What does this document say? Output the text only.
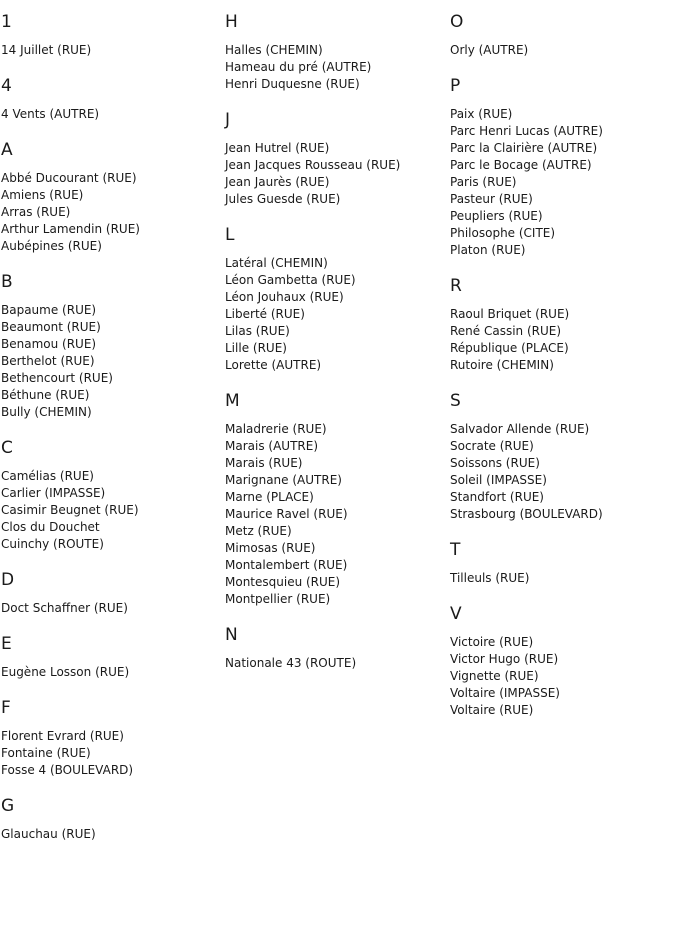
1
14 Juillet (RUE)
4
4 Vents (AUTRE)
A
Abbé Ducourant (RUE)
Amiens (RUE)
Arras (RUE)
Arthur Lamendin (RUE)
Aubépines (RUE)
B
Bapaume (RUE)
Beaumont (RUE)
Benamou (RUE)
Berthelot (RUE)
Bethencourt (RUE)
Béthune (RUE)
Bully (CHEMIN)
C
Camélias (RUE)
Carlier (IMPASSE)
Casimir Beugnet (RUE)
Clos du Douchet
Cuinchy (ROUTE)
D
Doct Schaffner (RUE)
E
Eugène Losson (RUE)
F
Florent Evrard (RUE)
Fontaine (RUE)
Fosse 4 (BOULEVARD)
G
Glauchau (RUE)
H
Halles (CHEMIN)
Hameau du pré (AUTRE)
Henri Duquesne (RUE)
J
Jean Hutrel (RUE)
Jean Jacques Rousseau (RUE)
Jean Jaurès (RUE)
Jules Guesde (RUE)
L
Latéral (CHEMIN)
Léon Gambetta (RUE)
Léon Jouhaux (RUE)
Liberté (RUE)
Lilas (RUE)
Lille (RUE)
Lorette (AUTRE)
M
Maladrerie (RUE)
Marais (AUTRE)
Marais (RUE)
Marignane (AUTRE)
Marne (PLACE)
Maurice Ravel (RUE)
Metz (RUE)
Mimosas (RUE)
Montalembert (RUE)
Montesquieu (RUE)
Montpellier (RUE)
N
Nationale 43 (ROUTE)
O
Orly (AUTRE)
P
Paix (RUE)
Parc Henri Lucas (AUTRE)
Parc la Clairière (AUTRE)
Parc le Bocage (AUTRE)
Paris (RUE)
Pasteur (RUE)
Peupliers (RUE)
Philosophe (CITE)
Platon (RUE)
R
Raoul Briquet (RUE)
René Cassin (RUE)
République (PLACE)
Rutoire (CHEMIN)
S
Salvador Allende (RUE)
Socrate (RUE)
Soissons (RUE)
Soleil (IMPASSE)
Standfort (RUE)
Strasbourg (BOULEVARD)
T
Tilleuls (RUE)
V
Victoire (RUE)
Victor Hugo (RUE)
Vignette (RUE)
Voltaire (IMPASSE)
Voltaire (RUE)
